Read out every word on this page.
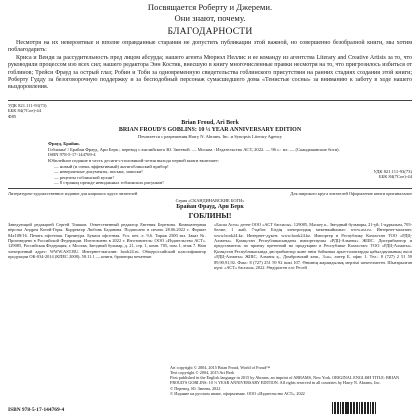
Посвящается Роберту и Джереми.
Они знают, почему.
БЛАГОДАРНОСТИ

Несмотря на их невероятные и вполне оправданные старания не допустить публикации этой важной, но совершенно безобразной книги, мы хотим поблагодарить:

Криса и Венди за рассудительность пред лицом абсурда; нашего агента Мюриэл Неллис и ее команду из агентства Literary and Creative Artists за то, что руководили процессом изо всех сил; нашего редактора Энн Костик, внесшую в книгу многочисленные правки несмотря на то, что пригрозилось избиться от гоблинов; Трейси Фрауд за острый глаз; Робин и Тоби за одновременную свидетельства гоблинского присутствия на ранних стадиях создания этой книги; Роберту Гудду за безоговорочную поддержку и за бесподобный персонаж сумасшедшего дома «Тенистые сосны» за вниманию к заботу в ходе нашего выздоровления.

УДК 821.111-93(73)
ББК 84(7Сое)-44
Ф85
Brian Froud, Ari Berk
BRIAN FROUD'S GOBLINS: 10 ½ YEAR ANNIVERSARY EDITION
Печатается с разрешения Harry N. Abrams, Inc. и Synopsis Literary Agency
Фрауд, Брайан.
Гоблины! / Брайан Фрауд, Ари Берк ; перевод с английского Ю. Змеевой. — Москва : Издательство АСТ, 2022. — 96 с.: ил. — (Скандинавские боги).
ISBN 978-5-17-144769-4
Юбилейное издание в честь десяти-с-половиной-летия выхода первой книги включает:
— новый (и очень эффективный) антигоблинский прибор!
— невероятные документы, письма, записки!
— рецепты гоблинской кухни!
— 8 страниц прежде невиданных гоблинских рисунков!
УДК 821.111-93(73)
ББК 84(7Сое)-44
Литературно-художественное издание для широкого круга читателей	Для широкого круга читателей Оформление книги оригинальное
Серия «СКАНДИНАВСКИЕ БОГИ»
Брайан Фрауд, Ари Берк
ГОБЛИНЫ!
Заведующий редакцией Сергей Тишков. Ответственный редактор Евгения Березина. Компьютерная вёрстка Андрея Котой-Горы. Корректор Любовь Баданова. Подписано в печать 28.06.2022 г. Формат 84x108/16. Печать офсетная. Гарнитура. Бумага офсетная. Усл. печ. л. 9,6. Тираж 2500 экз. Заказ №. Произведено в Российской Федерации. Изготовлено в 2022 г. Изготовитель: ООО «Издательство АСТ». 129085, Российская Федерация, г. Москва, Звездный бульвар, д. 21, стр. 1, комн. 705, пом. I, этаж 7. Наш электронный адрес: WWW.AST.RU. Интернет-магазин: book24.ru. Общероссийский классификатор продукции ОК-034-2014 (КПЕС 2008); 58.11.1 — книги, брошюры печатные.
«Баспа Аста» деген ООО «АСТ баспасы». 129085, Мәскеу к., Звездный бульвары, 21-үй, 1-құрылым, 705-бөлме, 1 жай, 7-қабат. Біздің электрондық мекенжайымыз: www.ast.ru. Интернет-магазин: www.book24.kz. Интернет-дүкен: www.book24.kz. Импортер в Республику Казахстан ТОО «РДЦ-Алматы». Қазақстан Республикасындағы импорттаушы «РДЦ-Алматы» ЖШС. Дистрибьютор и представитель по приему претензий на продукцию в Республике Казахстан: ТОО «РДЦ-Алматы». Қазақстан Республикасында дистрибьютор және өнім бойынша арыз-талаптарды қабылдаушының өкілі «РДЦ-Алматы» ЖШС, Алматы қ., Домбровский көш., 3«а», литер Б, офис 1. Тел.: 8 (727) 2 51 59 89,90,91,92. Факс: 8 (727) 251 59 92 ішкі 107. Өнімнің жарамдылық мерзімі шектелмеген. Шығарылған күні: «АСТ» баспасы, 2022. Өндірілген елі: Ресей
Art copyright © 2004, 2015 Brian Froud, World of Froud™
Text copyright © 2004, 2015 Ari Berk
First published in the English language in 2015 by Abrams, an imprint of ABRAMS, New York. ORIGINAL ENGLISH TITLE: BRIAN FROUD'S GOBLINS: 10 ½ YEAR ANNIVERSARY EDITION. All rights reserved in all countries by Harry N. Abrams, Inc.
© Перевод. Ю. Змеева, 2022
© Издание на русском языке, оформление. ООО «Издательство АСТ», 2022
ISBN 978-5-17-144769-4
